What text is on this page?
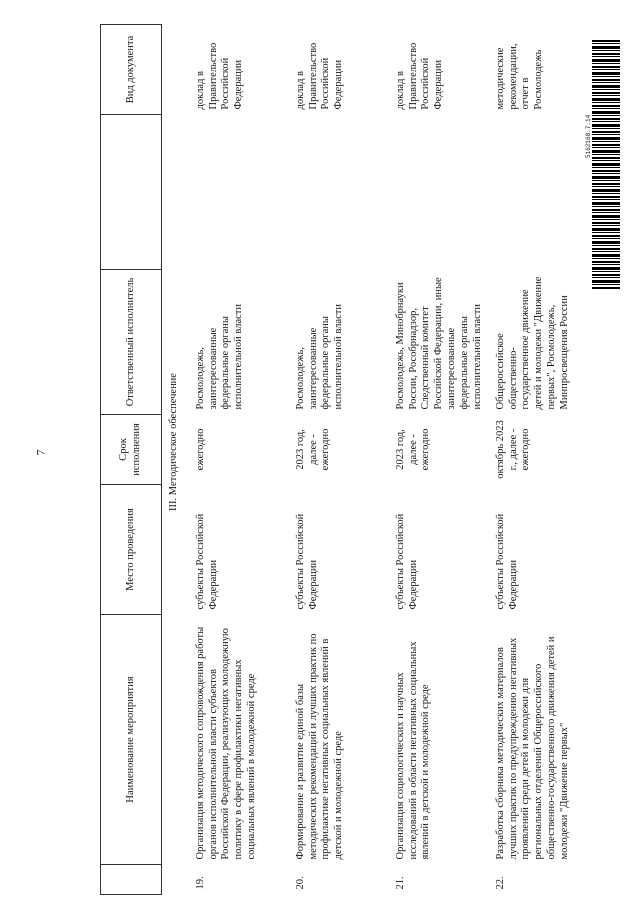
7
5162168.7.14
	Наименование мероприятия	Место проведения	Срок исполнения	Ответственный исполнитель		Вид документа
		III. Методическое обеспечение				
19.	Организация методического сопровождения работы органов исполнительной власти субъектов Российской Федерации, реализующих молодежную политику в сфере профилактики негативных социальных явлений в молодежной среде	субъекты Российской Федерации	ежегодно	Росмолодежь, заинтересованные федеральные органы исполнительной власти		доклад в Правительство Российской Федерации
20.	Формирование и развитие единой базы методических рекомендаций и лучших практик по профилактике негативных социальных явлений в детской и молодежной среде	субъекты Российской Федерации	2023 год, далее - ежегодно	Росмолодежь, заинтересованные федеральные органы исполнительной власти		доклад в Правительство Российской Федерации
21.	Организация социологических и научных исследований в области негативных социальных явлений в детской и молодежной среде	субъекты Российской Федерации	2023 год, далее - ежегодно	Росмолодежь, Минобрнауки России, Рособрнадзор, Следственный комитет Российской Федерации, иные заинтересованные федеральные органы исполнительной власти		доклад в Правительство Российской Федерации
22.	Разработка сборника методических материалов лучших практик по предупреждению негативных проявлений среди детей и молодежи для региональных отделений Общероссийского общественно-государственного движения детей и молодежи "Движение первых"	субъекты Российской Федерации	октябрь 2023 г., далее - ежегодно	Общероссийское общественно-государственное движение детей и молодежи "Движение первых", Росмолодежь, Минпросвещения России		методические рекомендации, отчет в Росмолодежь
